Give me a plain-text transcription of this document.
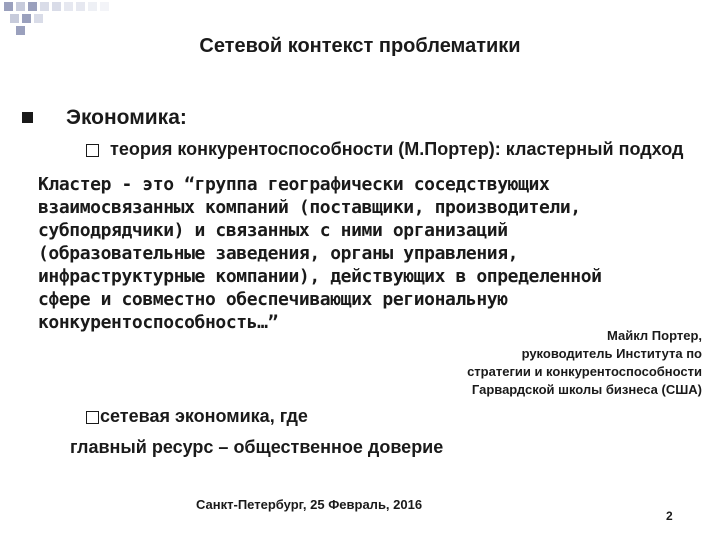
Сетевой контекст проблематики
Экономика:
теория конкурентоспособности (М.Портер): кластерный подход
Кластер - это “группа географически соседствующих
взаимосвязанных компаний (поставщики, производители,
субподрядчики) и связанных с ними организаций
(образовательные заведения, органы управления,
инфраструктурные компании), действующих в определенной
сфере и совместно обеспечивающих региональную
конкурентоспособность…”
Майкл Портер,
руководитель Института по
стратегии и конкурентоспособности
Гарвардской школы бизнеса (США)
сетевая экономика, где
главный ресурс – общественное доверие
Санкт-Петербург, 25 Февраль, 2016
2
